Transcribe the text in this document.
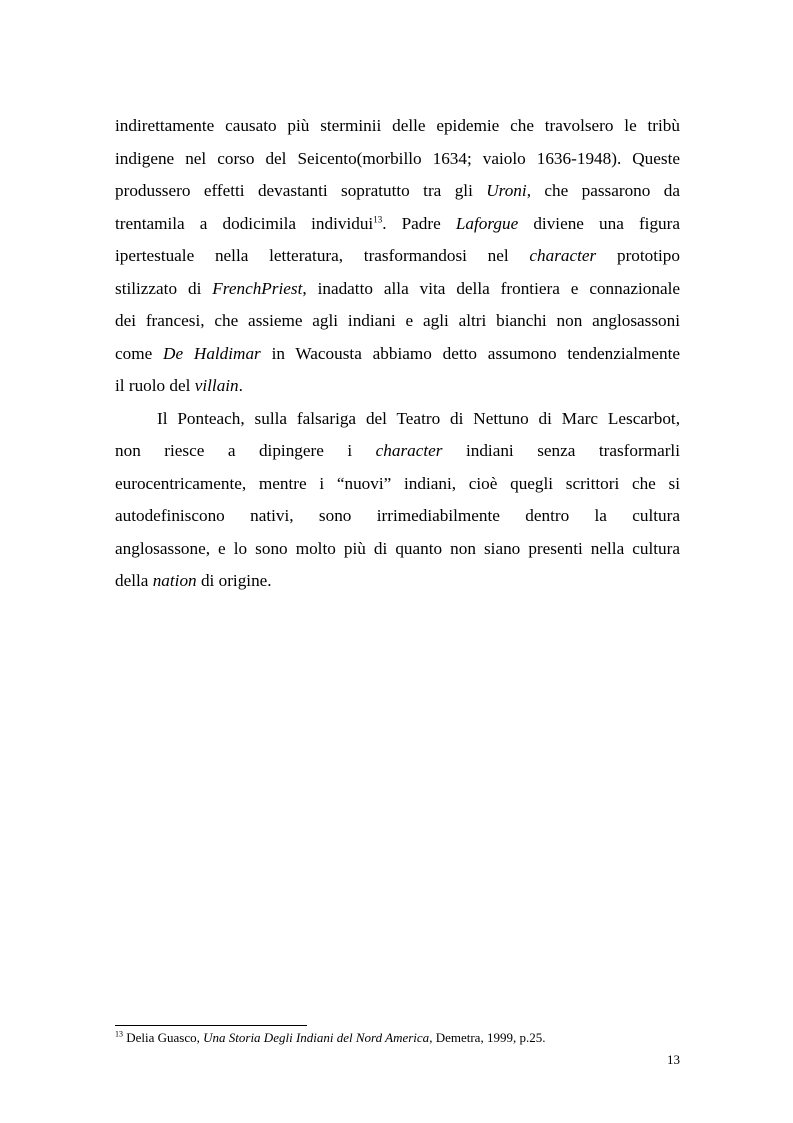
indirettamente causato più sterminii delle epidemie che travolsero le tribù
indigene nel corso del Seicento(morbillo 1634; vaiolo 1636-1948). Queste
produssero effetti devastanti sopratutto tra gli Uroni, che passarono da
trentamila a dodicimila individui$^{13}$. Padre Laforgue diviene una figura
ipertestuale nella letteratura, trasformandosi nel character prototipo
stilizzato di FrenchPriest, inadatto alla vita della frontiera e connazionale
dei francesi, che assieme agli indiani e agli altri bianchi non anglosassoni
come De Haldimar in Wacousta abbiamo detto assumono tendenzialmente
il ruolo del villain.
Il Ponteach, sulla falsariga del Teatro di Nettuno di Marc Lescarbot,
non riesce a dipingere i character indiani senza trasformarli
eurocentricamente, mentre i “nuovi” indiani, cioè quegli scrittori che si
autodefiniscono nativi, sono irrimediabilmente dentro la cultura
anglosassone, e lo sono molto più di quanto non siano presenti nella cultura
della nation di origine.
$^{13}$ Delia Guasco, Una Storia Degli Indiani del Nord America, Demetra, 1999, p.25.
13
